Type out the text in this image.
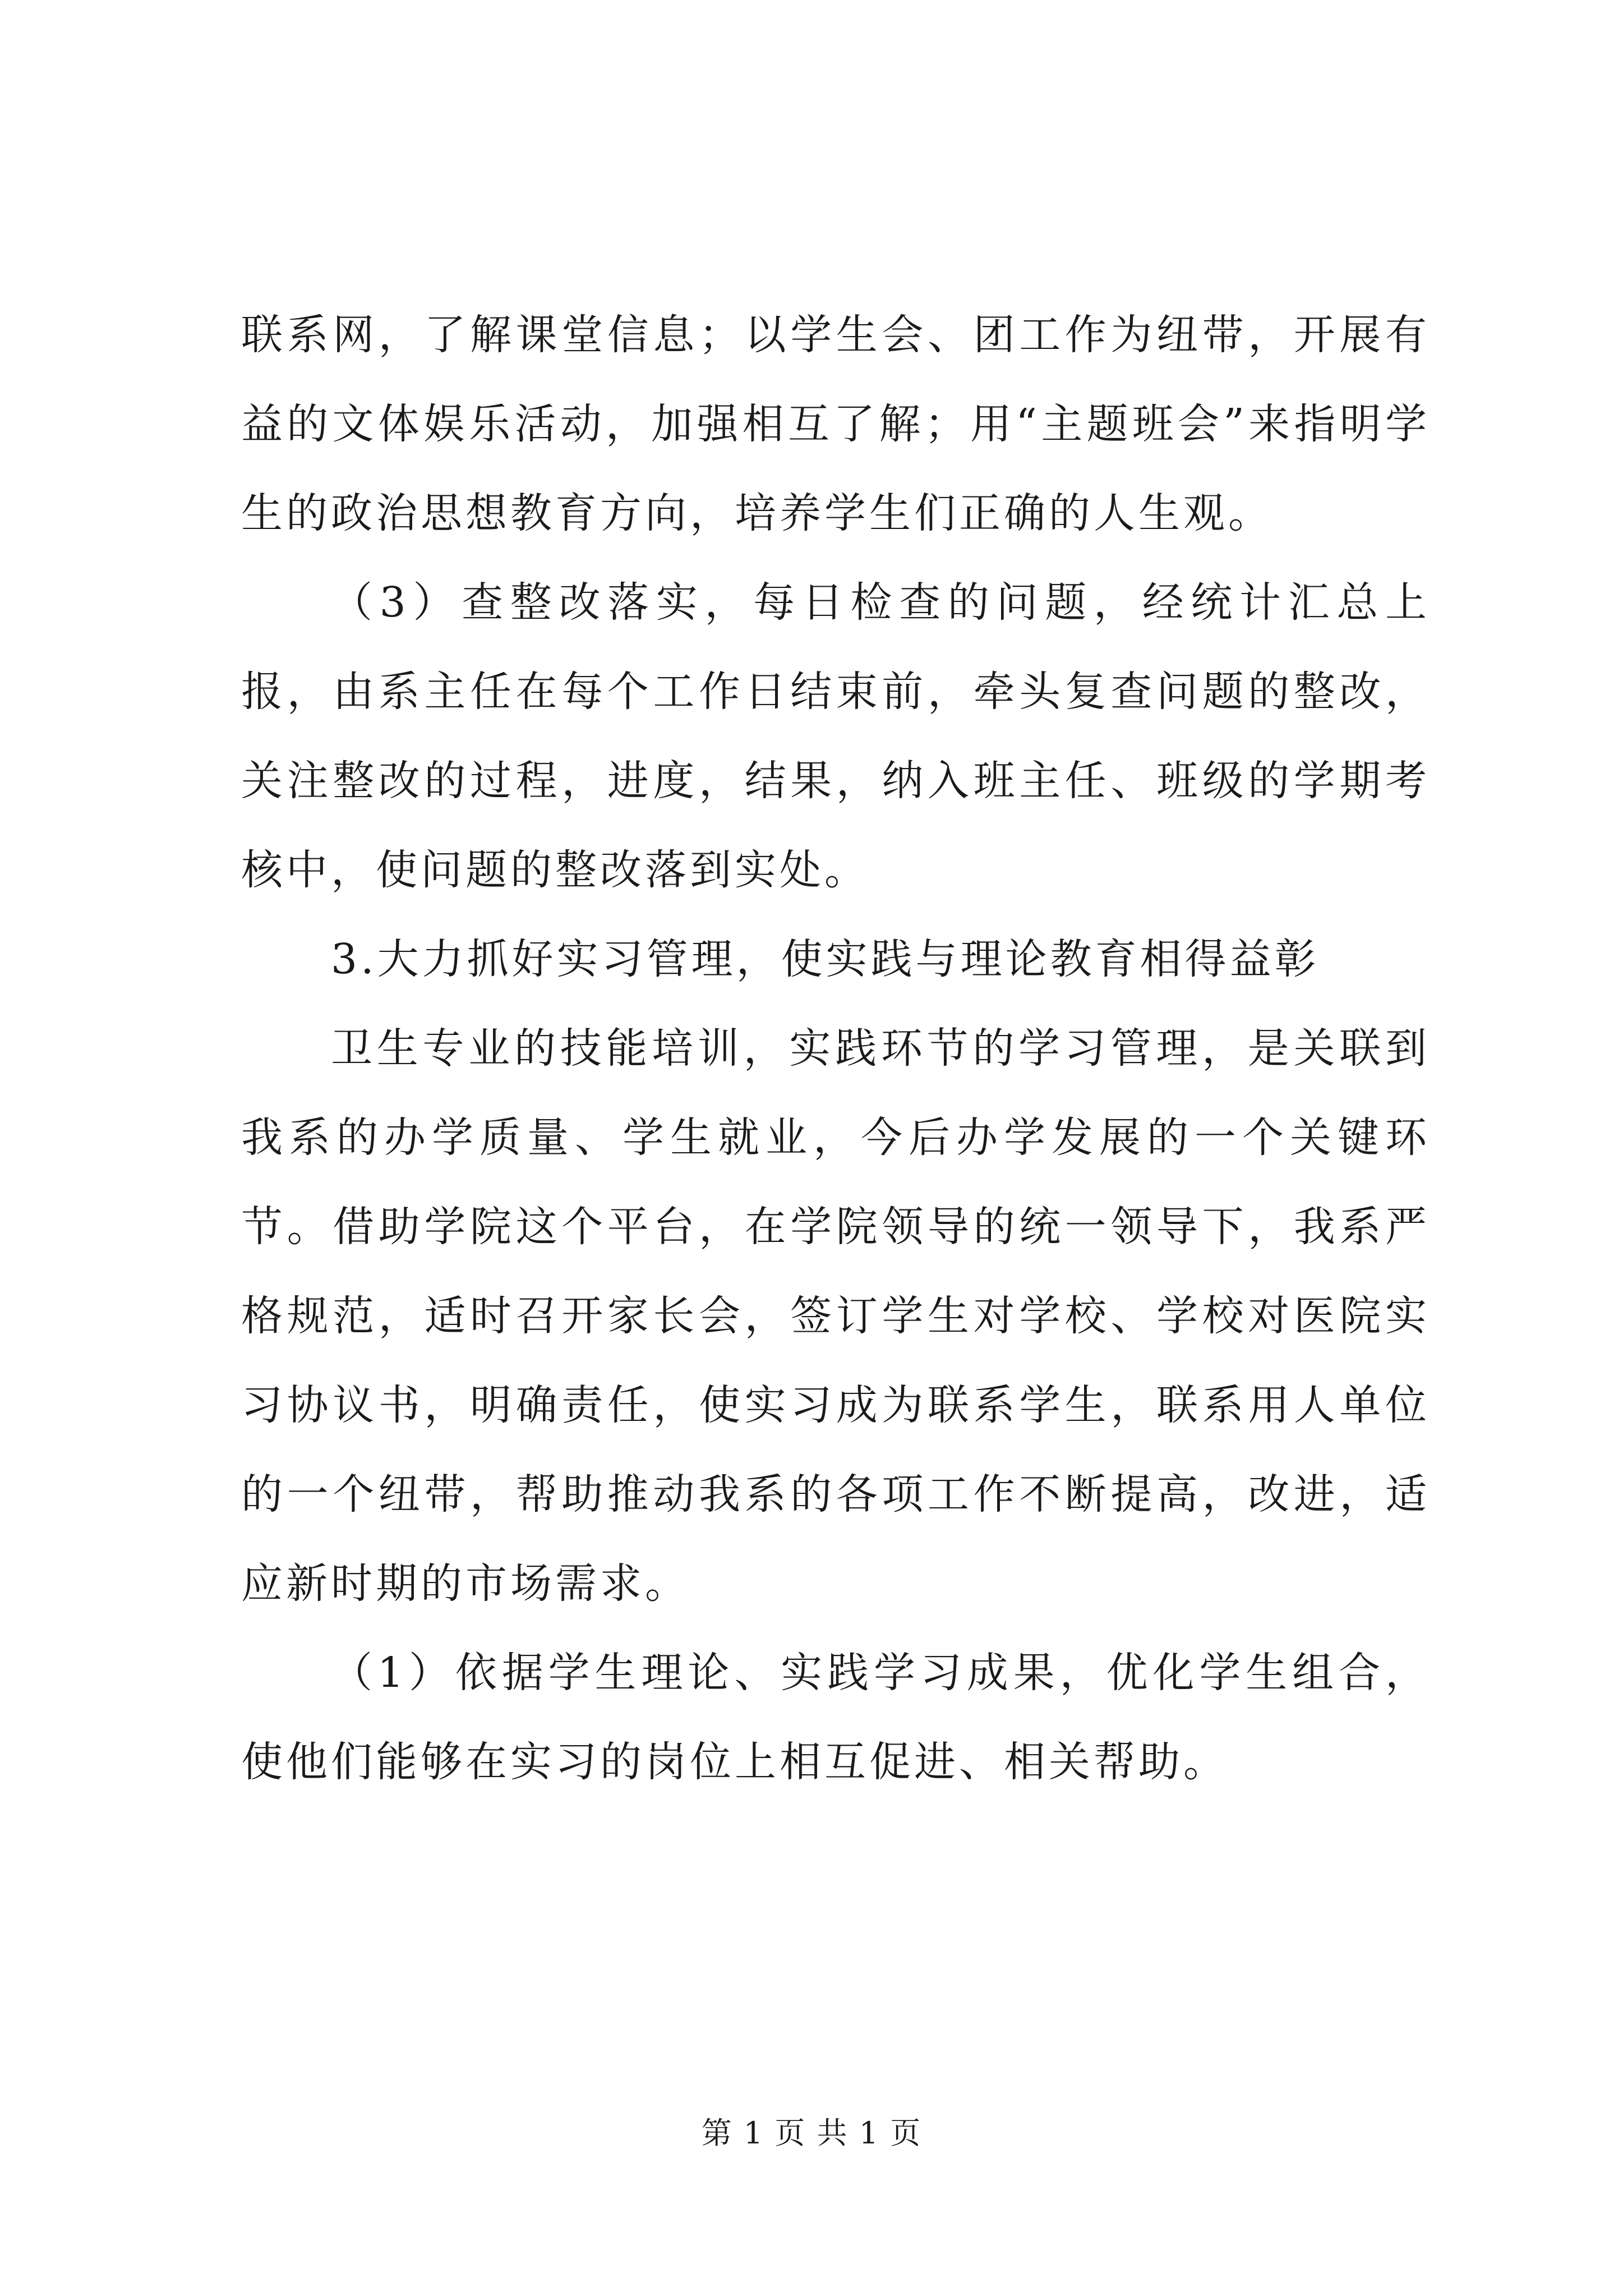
联系网，了解课堂信息；以学生会、团工作为纽带，开展有益的文体娱乐活动，加强相互了解；用“主题班会”来指明学生的政治思想教育方向，培养学生们正确的人生观。

（3）查整改落实，每日检查的问题，经统计汇总上报，由系主任在每个工作日结束前，牵头复查问题的整改，关注整改的过程，进度，结果，纳入班主任、班级的学期考核中，使问题的整改落到实处。

3.大力抓好实习管理，使实践与理论教育相得益彰

卫生专业的技能培训，实践环节的学习管理，是关联到我系的办学质量、学生就业，今后办学发展的一个关键环节。借助学院这个平台，在学院领导的统一领导下，我系严格规范，适时召开家长会，签订学生对学校、学校对医院实习协议书，明确责任，使实习成为联系学生，联系用人单位的一个纽带，帮助推动我系的各项工作不断提高，改进，适应新时期的市场需求。

（1）依据学生理论、实践学习成果，优化学生组合，使他们能够在实习的岗位上相互促进、相关帮助。

第 1 页 共 1 页
